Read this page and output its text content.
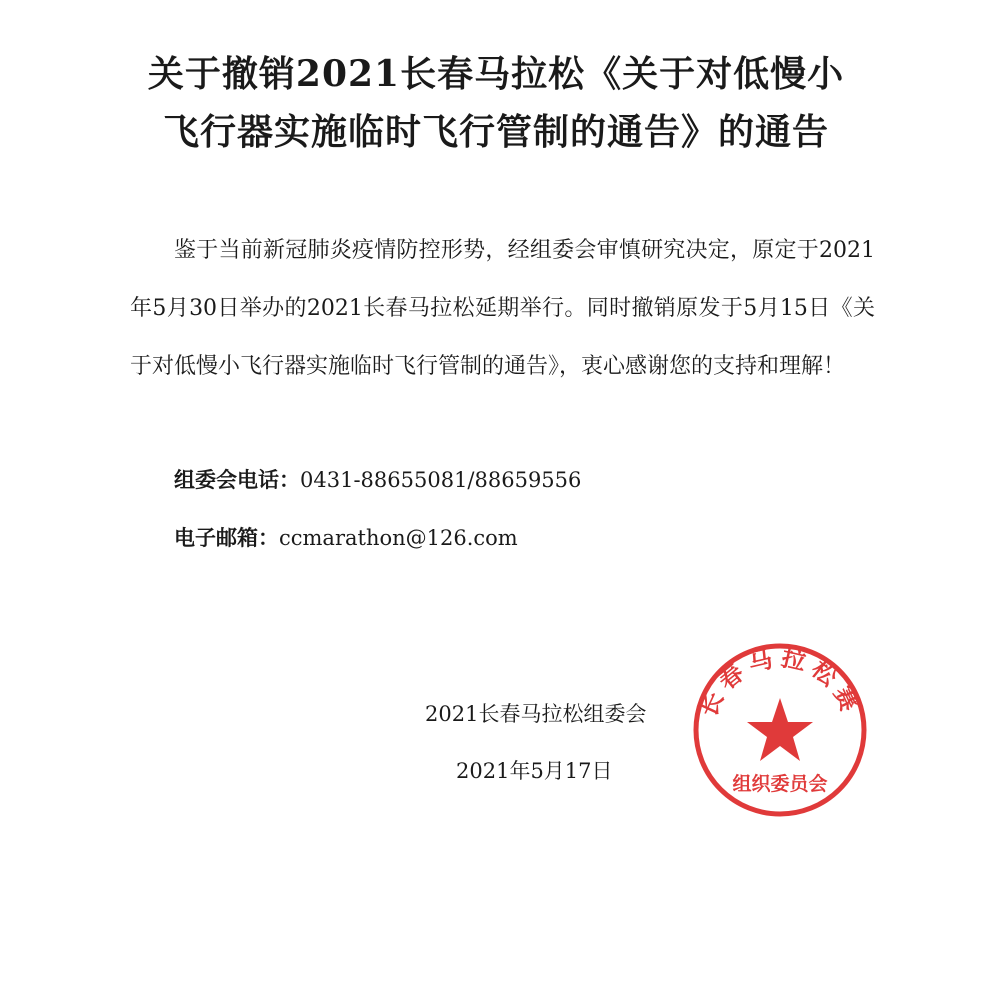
关于撤销2021长春马拉松《关于对低慢小
飞行器实施临时飞行管制的通告》的通告

鉴于当前新冠肺炎疫情防控形势，经组委会审慎研究决定，原定于2021年5月30日举办的2021长春马拉松延期举行。同时撤销原发于5月15日《关于对低慢小飞行器实施临时飞行管制的通告》，衷心感谢您的支持和理解！

组委会电话：0431-88655081/88659556
电子邮箱：ccmarathon@126.com
长春马拉松赛
组织委员会
2021长春马拉松组委会
2021年5月17日
